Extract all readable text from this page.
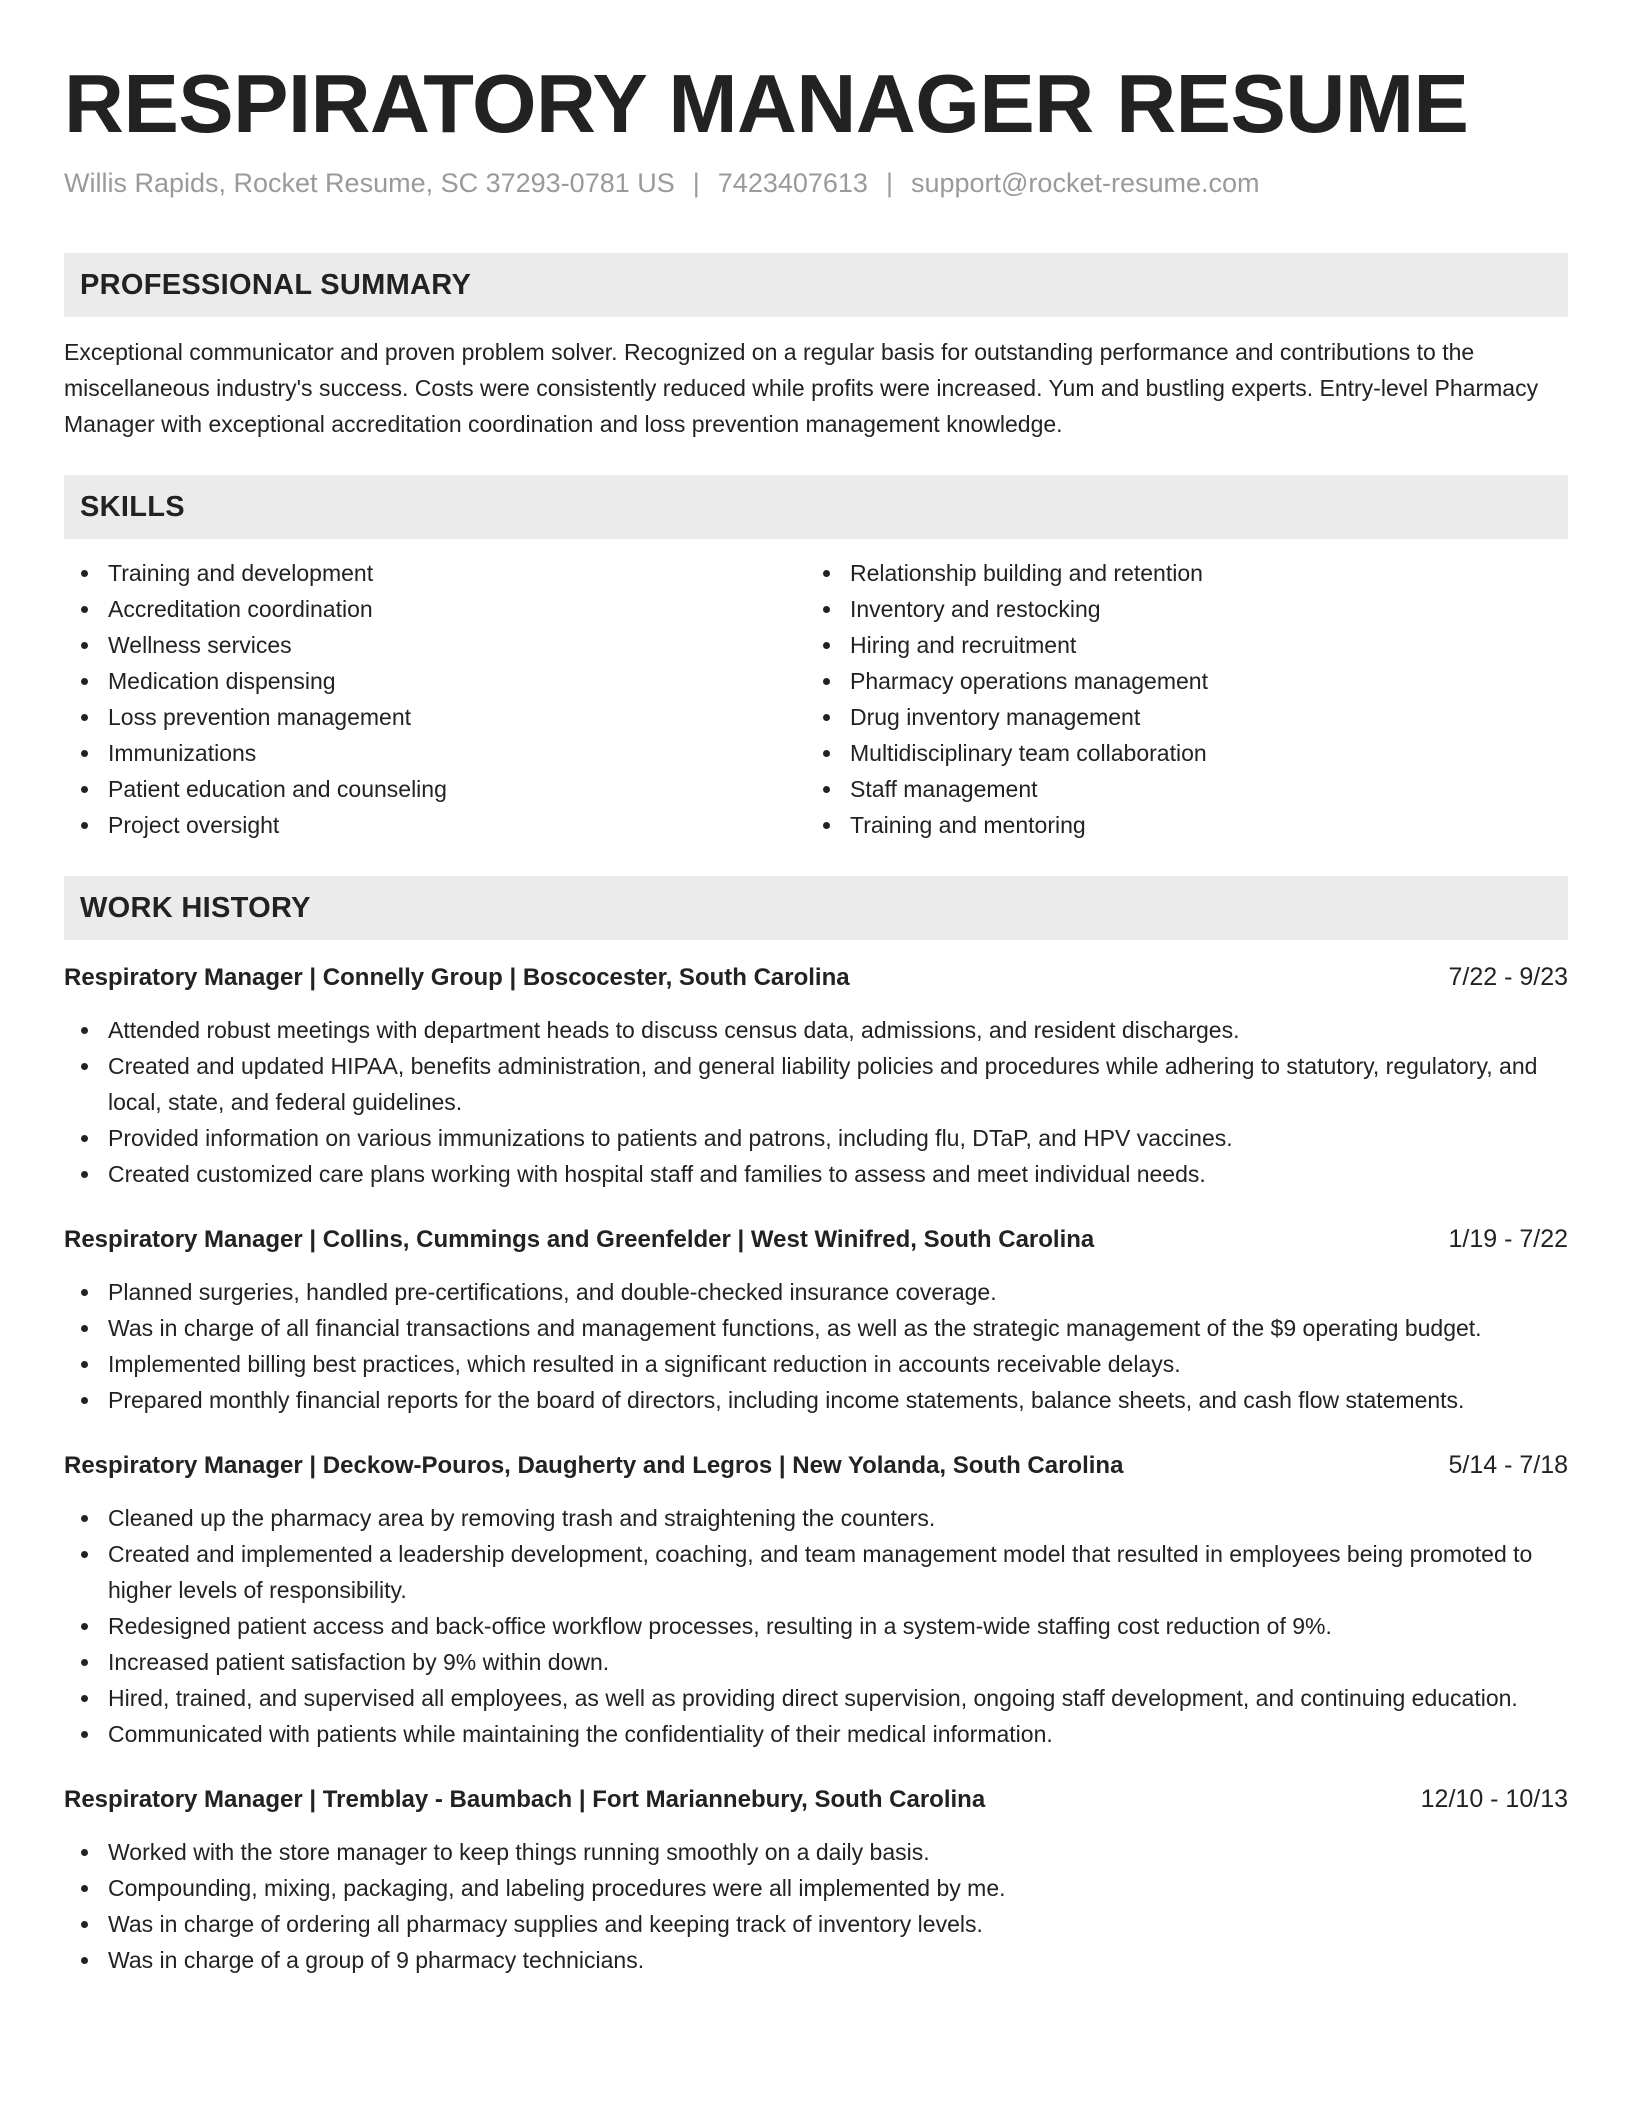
RESPIRATORY MANAGER RESUME
Willis Rapids, Rocket Resume, SC 37293-0781 US | 7423407613 | support@rocket-resume.com
PROFESSIONAL SUMMARY
Exceptional communicator and proven problem solver. Recognized on a regular basis for outstanding performance and contributions to the miscellaneous industry's success. Costs were consistently reduced while profits were increased. Yum and bustling experts. Entry-level Pharmacy Manager with exceptional accreditation coordination and loss prevention management knowledge.
SKILLS
Training and development
Accreditation coordination
Wellness services
Medication dispensing
Loss prevention management
Immunizations
Patient education and counseling
Project oversight
Relationship building and retention
Inventory and restocking
Hiring and recruitment
Pharmacy operations management
Drug inventory management
Multidisciplinary team collaboration
Staff management
Training and mentoring
WORK HISTORY
Respiratory Manager | Connelly Group | Boscocester, South Carolina	7/22 - 9/23
Attended robust meetings with department heads to discuss census data, admissions, and resident discharges.
Created and updated HIPAA, benefits administration, and general liability policies and procedures while adhering to statutory, regulatory, and local, state, and federal guidelines.
Provided information on various immunizations to patients and patrons, including flu, DTaP, and HPV vaccines.
Created customized care plans working with hospital staff and families to assess and meet individual needs.
Respiratory Manager | Collins, Cummings and Greenfelder | West Winifred, South Carolina	1/19 - 7/22
Planned surgeries, handled pre-certifications, and double-checked insurance coverage.
Was in charge of all financial transactions and management functions, as well as the strategic management of the $9 operating budget.
Implemented billing best practices, which resulted in a significant reduction in accounts receivable delays.
Prepared monthly financial reports for the board of directors, including income statements, balance sheets, and cash flow statements.
Respiratory Manager | Deckow-Pouros, Daugherty and Legros | New Yolanda, South Carolina	5/14 - 7/18
Cleaned up the pharmacy area by removing trash and straightening the counters.
Created and implemented a leadership development, coaching, and team management model that resulted in employees being promoted to higher levels of responsibility.
Redesigned patient access and back-office workflow processes, resulting in a system-wide staffing cost reduction of 9%.
Increased patient satisfaction by 9% within down.
Hired, trained, and supervised all employees, as well as providing direct supervision, ongoing staff development, and continuing education.
Communicated with patients while maintaining the confidentiality of their medical information.
Respiratory Manager | Tremblay - Baumbach | Fort Mariannebury, South Carolina	12/10 - 10/13
Worked with the store manager to keep things running smoothly on a daily basis.
Compounding, mixing, packaging, and labeling procedures were all implemented by me.
Was in charge of ordering all pharmacy supplies and keeping track of inventory levels.
Was in charge of a group of 9 pharmacy technicians.
